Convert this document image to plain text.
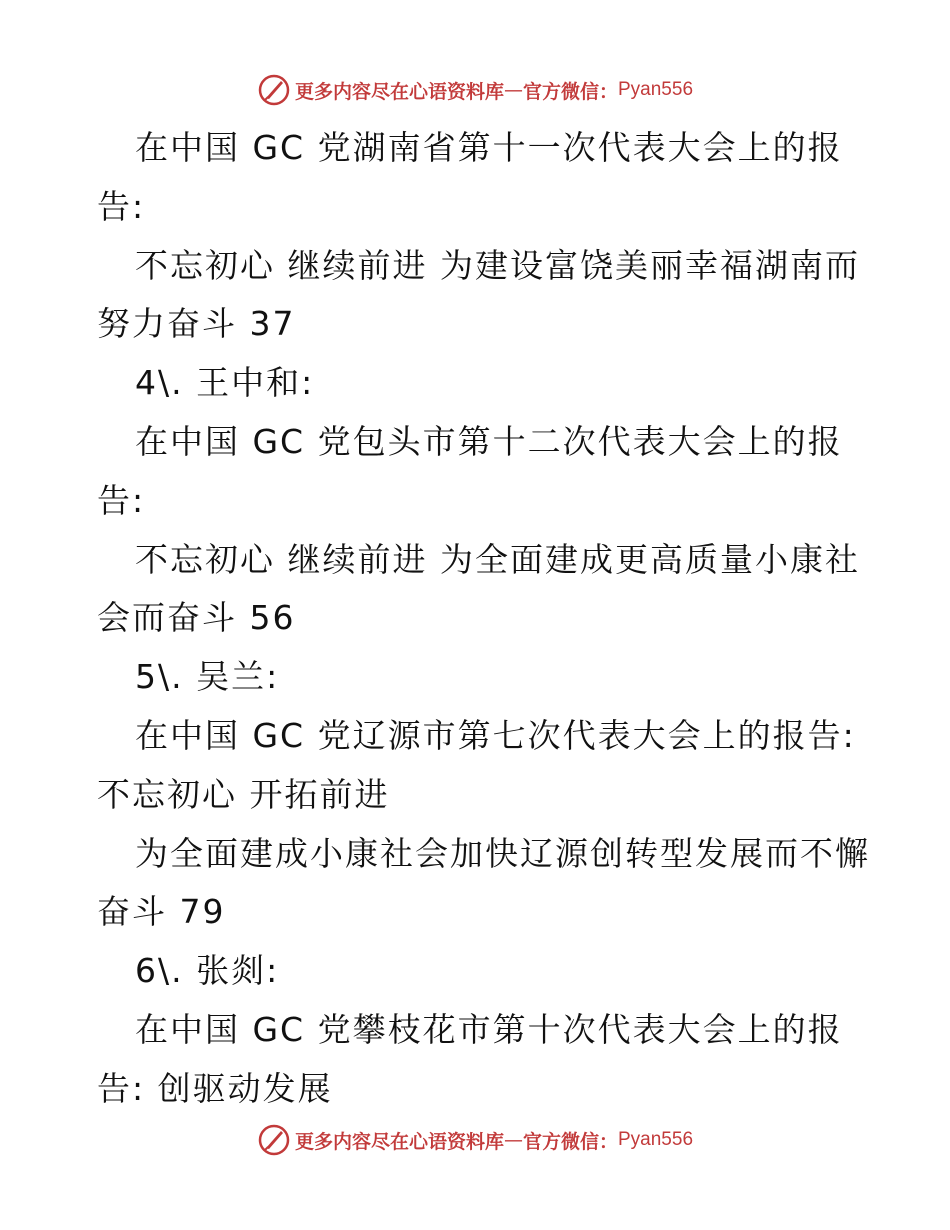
更多内容尽在心语资料库 — 官方微信： Pyan556
在中国 GC 党湖南省第十一次代表大会上的报
告:
不忘初心 继续前进 为建设富饶美丽幸福湖南而
努力奋斗 37
4\. 王中和:
在中国 GC 党包头市第十二次代表大会上的报
告:
不忘初心 继续前进 为全面建成更高质量小康社
会而奋斗 56
5\. 吴兰:
在中国 GC 党辽源市第七次代表大会上的报告:
不忘初心 开拓前进
为全面建成小康社会加快辽源创转型发展而不懈
奋斗 79
6\. 张剡:
在中国 GC 党攀枝花市第十次代表大会上的报
告: 创驱动发展
更多内容尽在心语资料库 — 官方微信： Pyan556
